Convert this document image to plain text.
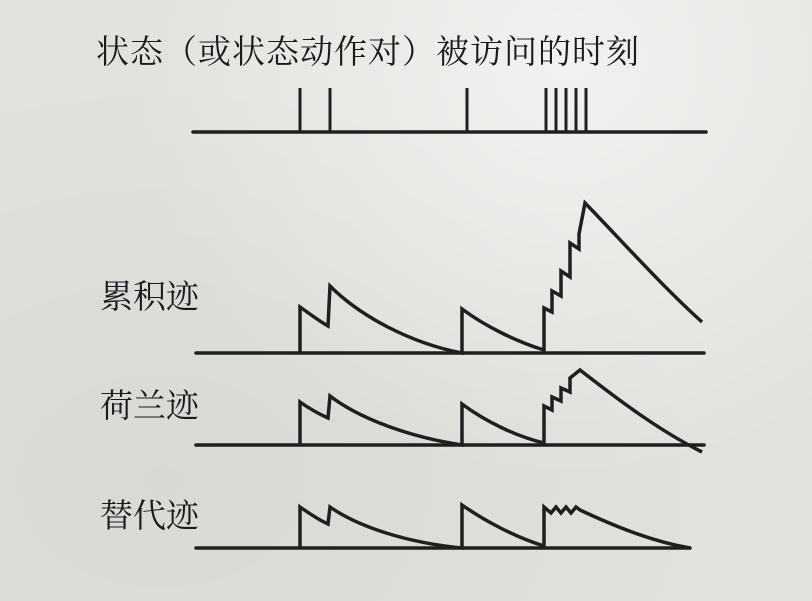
状态（或状态动作对）被访问的时刻
累积迹
荷兰迹
替代迹
